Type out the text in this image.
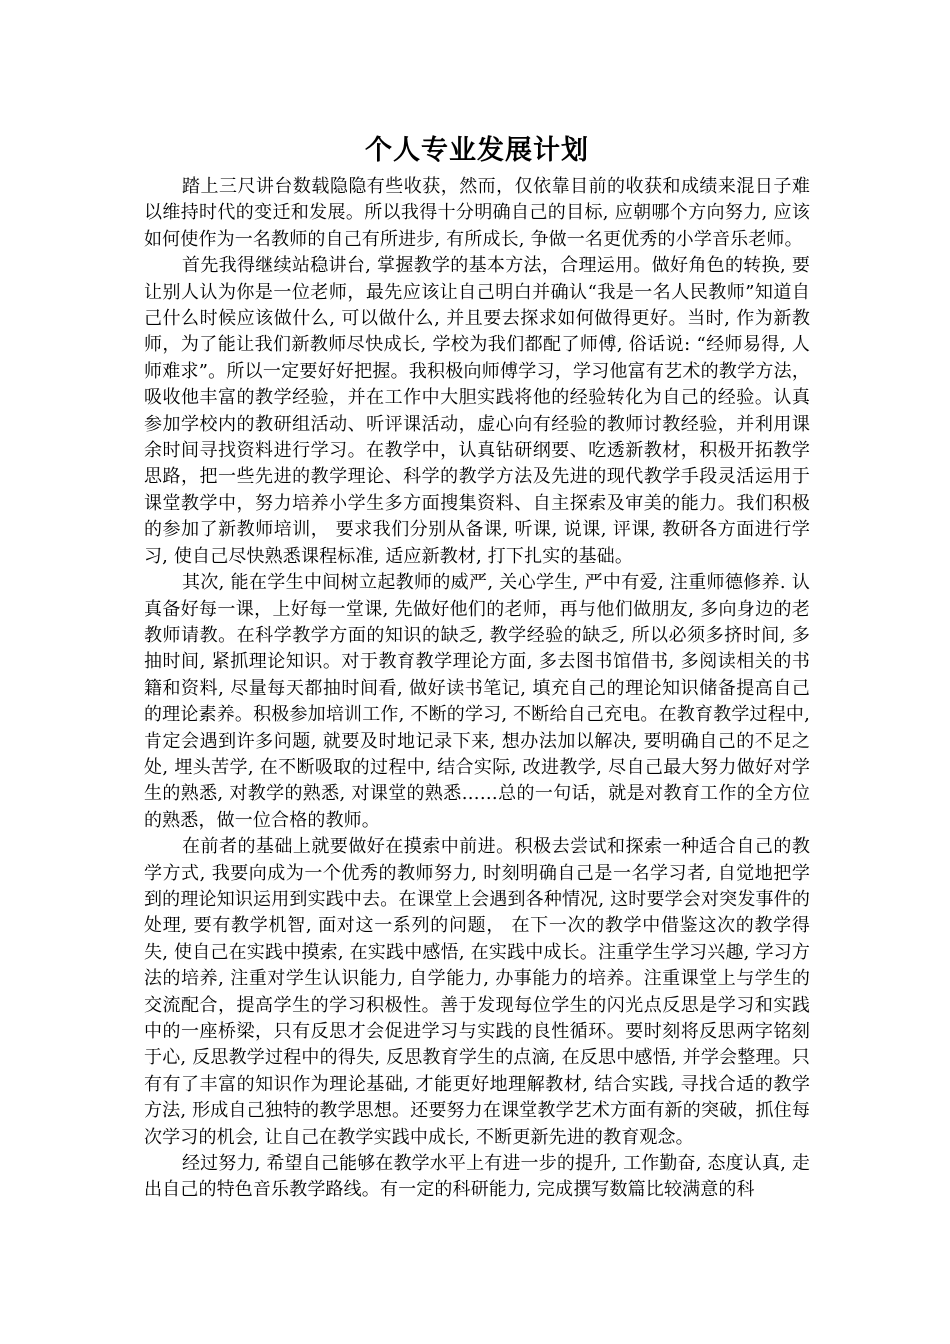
个人专业发展计划

踏上三尺讲台数载隐隐有些收获，然而，仅依靠目前的收获和成绩来混日子难以维持时代的变迁和发展。所以我得十分明确自己的目标, 应朝哪个方向努力, 应该如何使作为一名教师的自己有所进步, 有所成长, 争做一名更优秀的小学音乐老师。

首先我得继续站稳讲台, 掌握教学的基本方法，合理运用。做好角色的转换, 要让别人认为你是一位老师，最先应该让自己明白并确认“我是一名人民教师”知道自己什么时候应该做什么, 可以做什么, 并且要去探求如何做得更好。当时, 作为新教师，为了能让我们新教师尽快成长, 学校为我们都配了师傅, 俗话说: “经师易得, 人师难求”。所以一定要好好把握。我积极向师傅学习，学习他富有艺术的教学方法，吸收他丰富的教学经验，并在工作中大胆实践将他的经验转化为自己的经验。认真参加学校内的教研组活动、听评课活动，虚心向有经验的教师讨教经验，并利用课余时间寻找资料进行学习。在教学中，认真钻研纲要、吃透新教材，积极开拓教学思路，把一些先进的教学理论、科学的教学方法及先进的现代教学手段灵活运用于课堂教学中，努力培养小学生多方面搜集资料、自主探索及审美的能力。我们积极的参加了新教师培训， 要求我们分别从备课, 听课, 说课, 评课, 教研各方面进行学习, 使自己尽快熟悉课程标准, 适应新教材, 打下扎实的基础。

其次, 能在学生中间树立起教师的威严, 关心学生, 严中有爱, 注重师德修养. 认真备好每一课，上好每一堂课, 先做好他们的老师，再与他们做朋友, 多向身边的老教师请教。在科学教学方面的知识的缺乏, 教学经验的缺乏, 所以必须多挤时间, 多抽时间, 紧抓理论知识。对于教育教学理论方面, 多去图书馆借书, 多阅读相关的书籍和资料, 尽量每天都抽时间看, 做好读书笔记, 填充自己的理论知识储备提高自己的理论素养。积极参加培训工作, 不断的学习, 不断给自己充电。在教育教学过程中, 肯定会遇到许多问题, 就要及时地记录下来, 想办法加以解决, 要明确自己的不足之处, 埋头苦学, 在不断吸取的过程中, 结合实际, 改进教学, 尽自己最大努力做好对学生的熟悉, 对教学的熟悉, 对课堂的熟悉……总的一句话，就是对教育工作的全方位的熟悉，做一位合格的教师。

在前者的基础上就要做好在摸索中前进。积极去尝试和探索一种适合自己的教学方式, 我要向成为一个优秀的教师努力, 时刻明确自己是一名学习者, 自觉地把学到的理论知识运用到实践中去。在课堂上会遇到各种情况, 这时要学会对突发事件的处理, 要有教学机智, 面对这一系列的问题， 在下一次的教学中借鉴这次的教学得失, 使自己在实践中摸索, 在实践中感悟, 在实践中成长。注重学生学习兴趣, 学习方法的培养, 注重对学生认识能力, 自学能力, 办事能力的培养。注重课堂上与学生的交流配合，提高学生的学习积极性。善于发现每位学生的闪光点反思是学习和实践中的一座桥梁，只有反思才会促进学习与实践的良性循环。要时刻将反思两字铭刻于心, 反思教学过程中的得失, 反思教育学生的点滴, 在反思中感悟, 并学会整理。只有有了丰富的知识作为理论基础, 才能更好地理解教材, 结合实践, 寻找合适的教学方法, 形成自己独特的教学思想。还要努力在课堂教学艺术方面有新的突破，抓住每次学习的机会, 让自己在教学实践中成长, 不断更新先进的教育观念。

经过努力, 希望自己能够在教学水平上有进一步的提升, 工作勤奋, 态度认真, 走出自己的特色音乐教学路线。有一定的科研能力, 完成撰写数篇比较满意的科
